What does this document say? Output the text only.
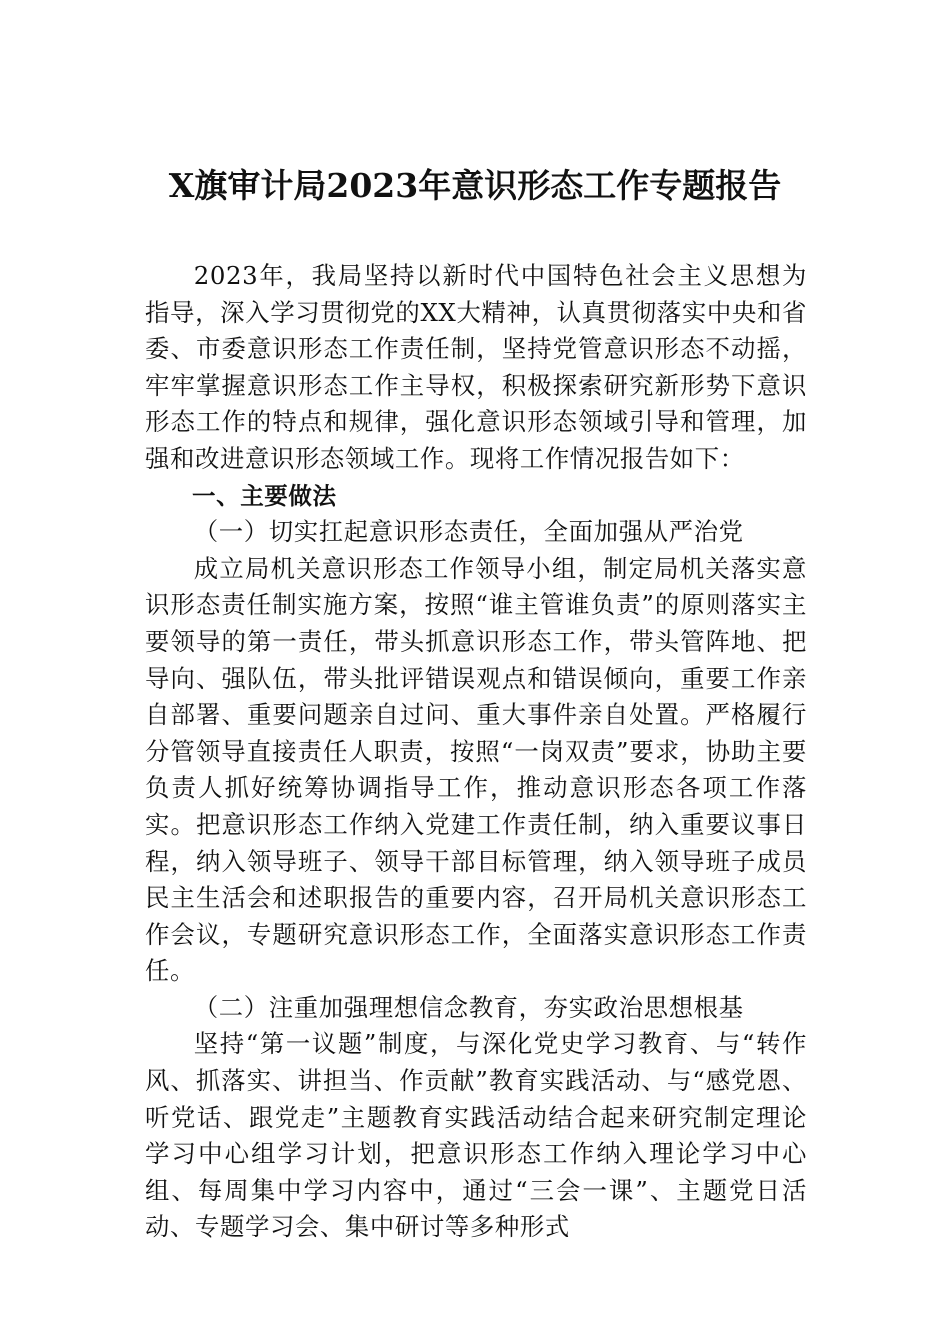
X旗审计局2023年意识形态工作专题报告

2023年，我局坚持以新时代中国特色社会主义思想为指导，深入学习贯彻党的XX大精神，认真贯彻落实中央和省委、市委意识形态工作责任制，坚持党管意识形态不动摇，牢牢掌握意识形态工作主导权，积极探索研究新形势下意识形态工作的特点和规律，强化意识形态领域引导和管理，加强和改进意识形态领域工作。现将工作情况报告如下：

一、主要做法

（一）切实扛起意识形态责任，全面加强从严治党

成立局机关意识形态工作领导小组，制定局机关落实意识形态责任制实施方案，按照“谁主管谁负责”的原则落实主要领导的第一责任，带头抓意识形态工作，带头管阵地、把导向、强队伍，带头批评错误观点和错误倾向，重要工作亲自部署、重要问题亲自过问、重大事件亲自处置。严格履行分管领导直接责任人职责，按照“一岗双责”要求，协助主要负责人抓好统筹协调指导工作，推动意识形态各项工作落实。把意识形态工作纳入党建工作责任制，纳入重要议事日程，纳入领导班子、领导干部目标管理，纳入领导班子成员民主生活会和述职报告的重要内容，召开局机关意识形态工作会议，专题研究意识形态工作，全面落实意识形态工作责任。

（二）注重加强理想信念教育，夯实政治思想根基

坚持“第一议题”制度，与深化党史学习教育、与“转作风、抓落实、讲担当、作贡献”教育实践活动、与“感党恩、听党话、跟党走”主题教育实践活动结合起来研究制定理论学习中心组学习计划，把意识形态工作纳入理论学习中心组、每周集中学习内容中，通过“三会一课”、主题党日活动、专题学习会、集中研讨等多种形式
